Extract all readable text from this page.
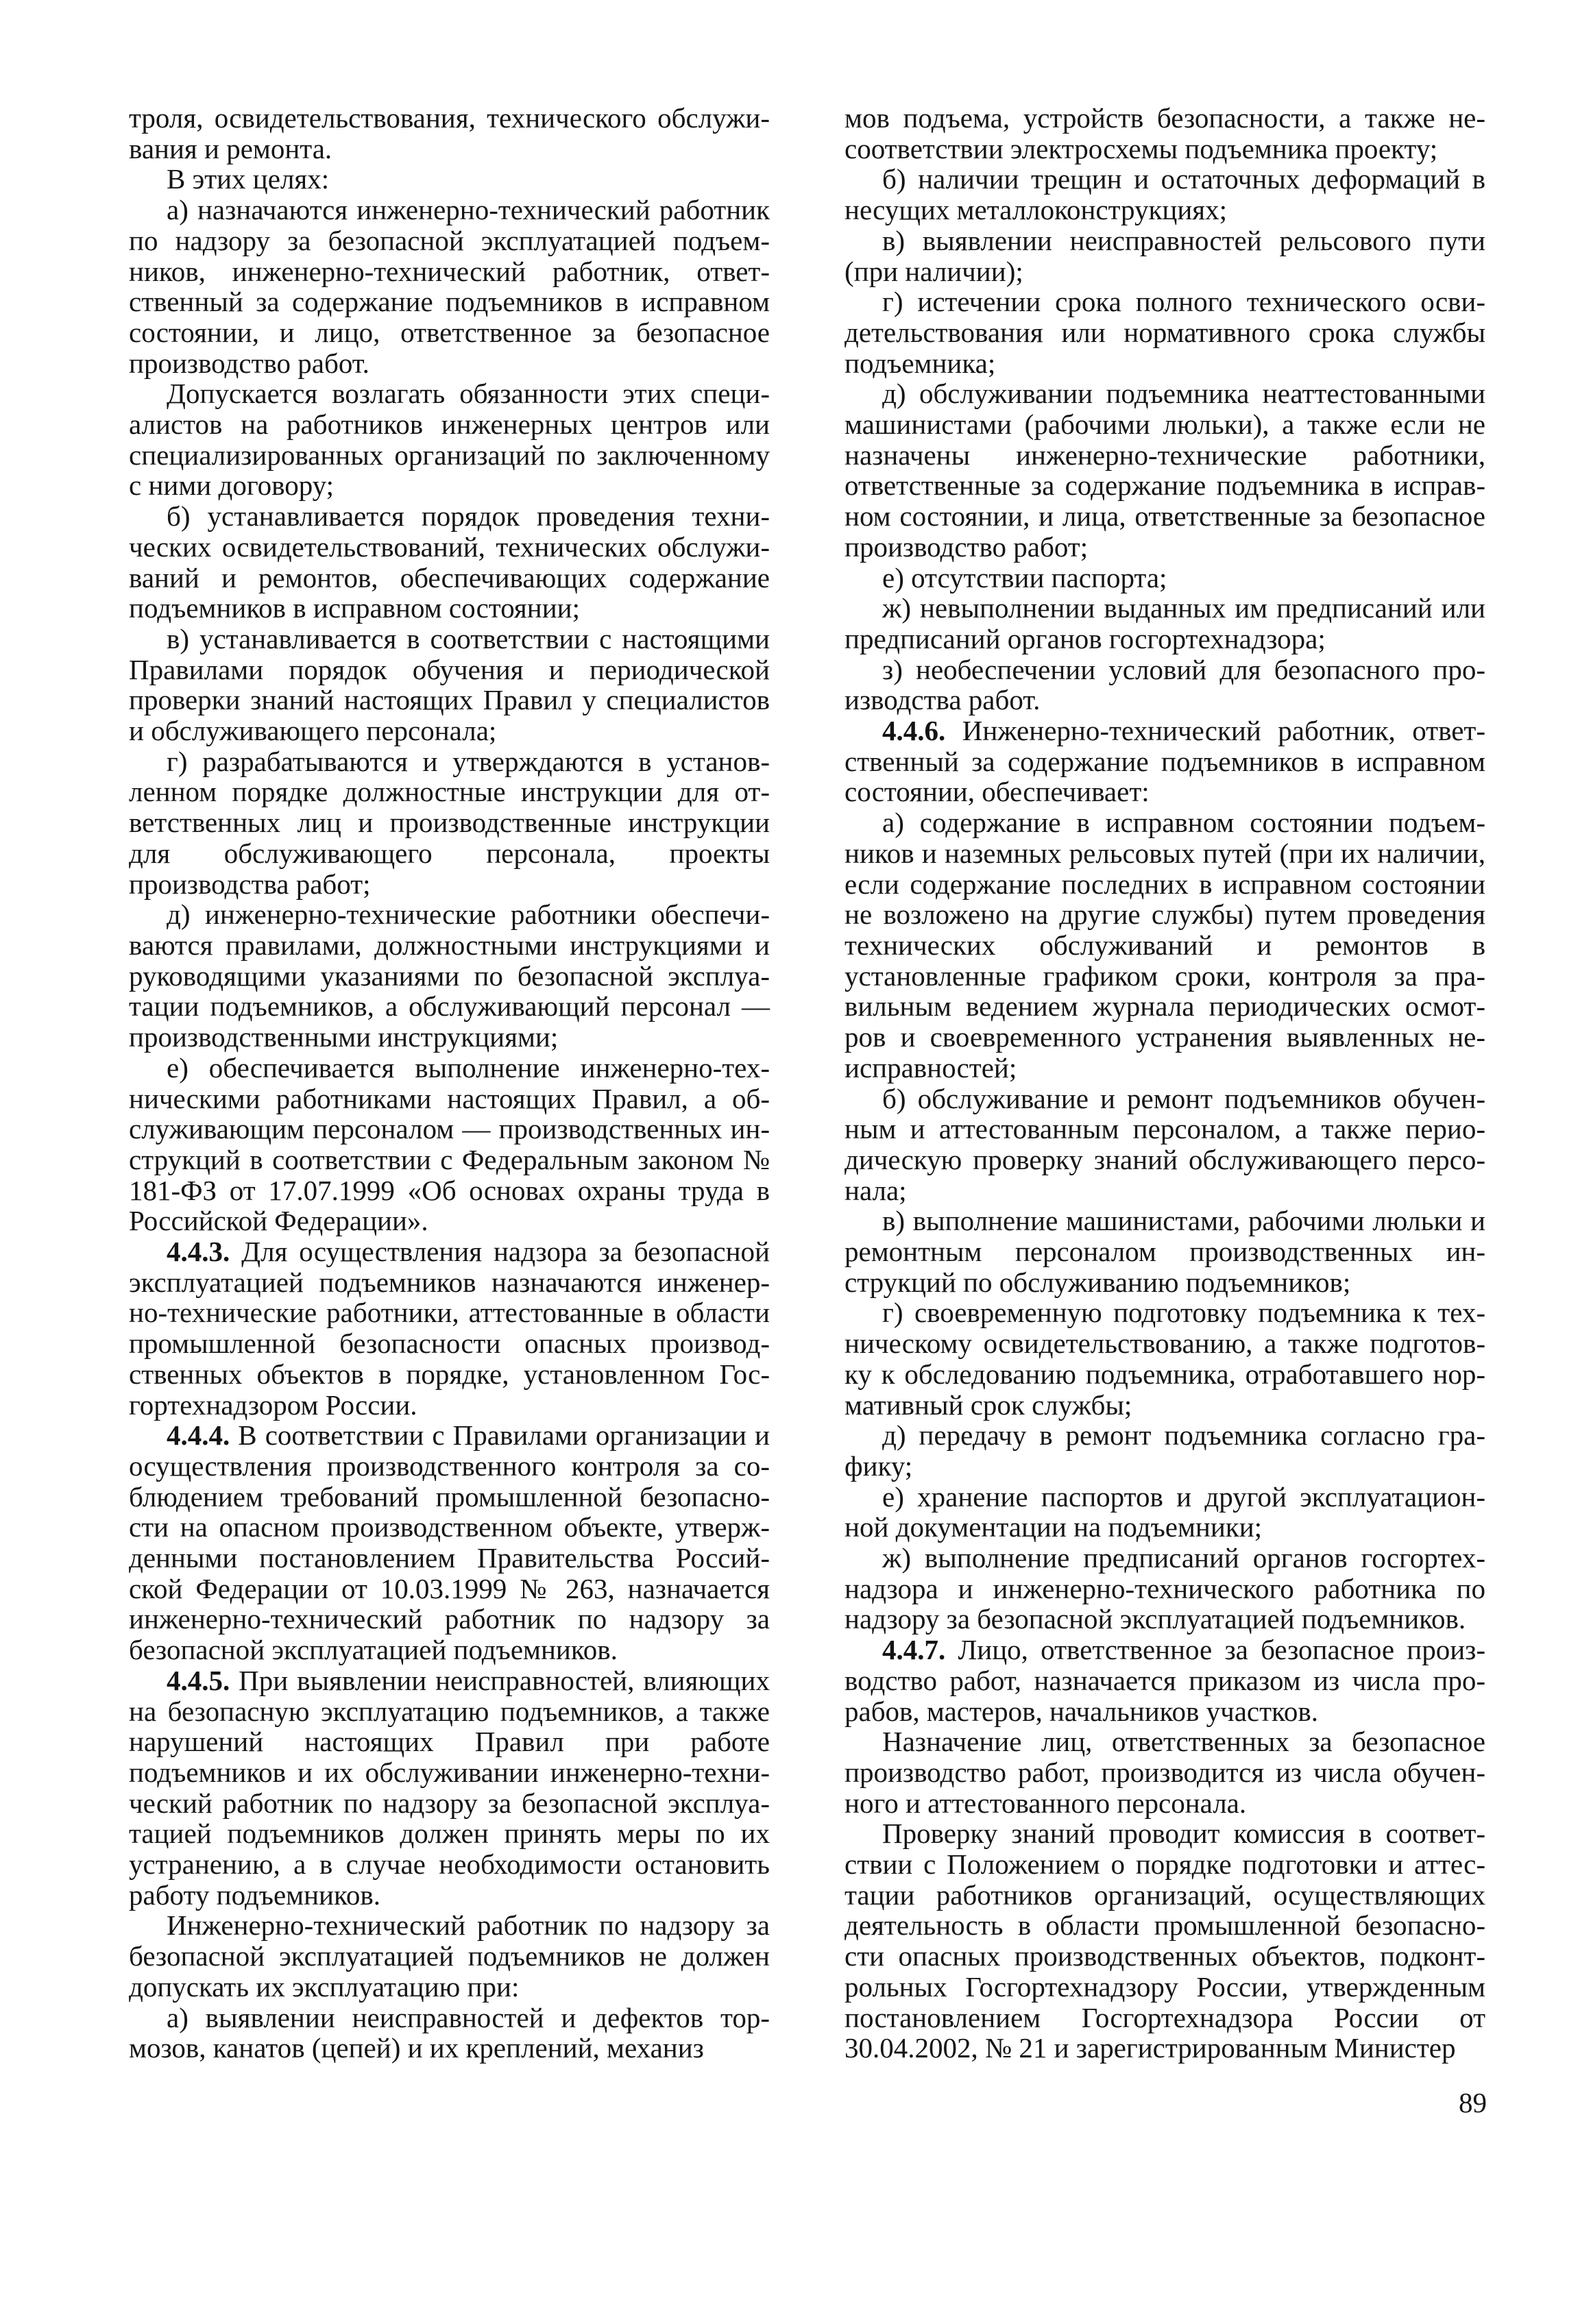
троля, освидетельствования, технического обслуживания и ремонта.

В этих целях:

а) назначаются инженерно-технический работник по надзору за безопасной эксплуатацией подъемников, инженерно-технический работник, ответственный за содержание подъемников в исправном состоянии, и лицо, ответственное за безопасное производство работ.

Допускается возлагать обязанности этих специалистов на работников инженерных центров или специализированных организаций по заключенному с ними договору;

б) устанавливается порядок проведения технических освидетельствований, технических обслуживаний и ремонтов, обеспечивающих содержание подъемников в исправном состоянии;

в) устанавливается в соответствии с настоящими Правилами порядок обучения и периодической проверки знаний настоящих Правил у специалистов и обслуживающего персонала;

г) разрабатываются и утверждаются в установленном порядке должностные инструкции для ответственных лиц и производственные инструкции для обслуживающего персонала, проекты производства работ;

д) инженерно-технические работники обеспечиваются правилами, должностными инструкциями и руководящими указаниями по безопасной эксплуатации подъемников, а обслуживающий персонал — производственными инструкциями;

е) обеспечивается выполнение инженерно-техническими работниками настоящих Правил, а обслуживающим персоналом — производственных инструкций в соответствии с Федеральным законом № 181-ФЗ от 17.07.1999 «Об основах охраны труда в Российской Федерации».

4.4.3. Для осуществления надзора за безопасной эксплуатацией подъемников назначаются инженерно-технические работники, аттестованные в области промышленной безопасности опасных производственных объектов в порядке, установленном Госгортехнадзором России.

4.4.4. В соответствии с Правилами организации и осуществления производственного контроля за соблюдением требований промышленной безопасности на опасном производственном объекте, утвержденными постановлением Правительства Российской Федерации от 10.03.1999 № 263, назначается инженерно-технический работник по надзору за безопасной эксплуатацией подъемников.

4.4.5. При выявлении неисправностей, влияющих на безопасную эксплуатацию подъемников, а также нарушений настоящих Правил при работе подъемников и их обслуживании инженерно-технический работник по надзору за безопасной эксплуатацией подъемников должен принять меры по их устранению, а в случае необходимости остановить работу подъемников.

Инженерно-технический работник по надзору за безопасной эксплуатацией подъемников не должен допускать их эксплуатацию при:

а) выявлении неисправностей и дефектов тормозов, канатов (цепей) и их креплений, механиз

мов подъема, устройств безопасности, а также несоответствии электросхемы подъемника проекту;

б) наличии трещин и остаточных деформаций в несущих металлоконструкциях;

в) выявлении неисправностей рельсового пути (при наличии);

г) истечении срока полного технического освидетельствования или нормативного срока службы подъемника;

д) обслуживании подъемника неаттестованными машинистами (рабочими люльки), а также если не назначены инженерно-технические работники, ответственные за содержание подъемника в исправном состоянии, и лица, ответственные за безопасное производство работ;

е) отсутствии паспорта;

ж) невыполнении выданных им предписаний или предписаний органов госгортехнадзора;

з) необеспечении условий для безопасного производства работ.

4.4.6. Инженерно-технический работник, ответственный за содержание подъемников в исправном состоянии, обеспечивает:

а) содержание в исправном состоянии подъемников и наземных рельсовых путей (при их наличии, если содержание последних в исправном состоянии не возложено на другие службы) путем проведения технических обслуживаний и ремонтов в установленные графиком сроки, контроля за правильным ведением журнала периодических осмотров и своевременного устранения выявленных неисправностей;

б) обслуживание и ремонт подъемников обученным и аттестованным персоналом, а также периодическую проверку знаний обслуживающего персонала;

в) выполнение машинистами, рабочими люльки и ремонтным персоналом производственных инструкций по обслуживанию подъемников;

г) своевременную подготовку подъемника к техническому освидетельствованию, а также подготовку к обследованию подъемника, отработавшего нормативный срок службы;

д) передачу в ремонт подъемника согласно графику;

е) хранение паспортов и другой эксплуатационной документации на подъемники;

ж) выполнение предписаний органов госгортехнадзора и инженерно-технического работника по надзору за безопасной эксплуатацией подъемников.

4.4.7. Лицо, ответственное за безопасное производство работ, назначается приказом из числа прорабов, мастеров, начальников участков.

Назначение лиц, ответственных за безопасное производство работ, производится из числа обученного и аттестованного персонала.

Проверку знаний проводит комиссия в соответствии с Положением о порядке подготовки и аттестации работников организаций, осуществляющих деятельность в области промышленной безопасности опасных производственных объектов, подконтрольных Госгортехнадзору России, утвержденным постановлением Госгортехнадзора России от 30.04.2002, № 21 и зарегистрированным Министер

89
